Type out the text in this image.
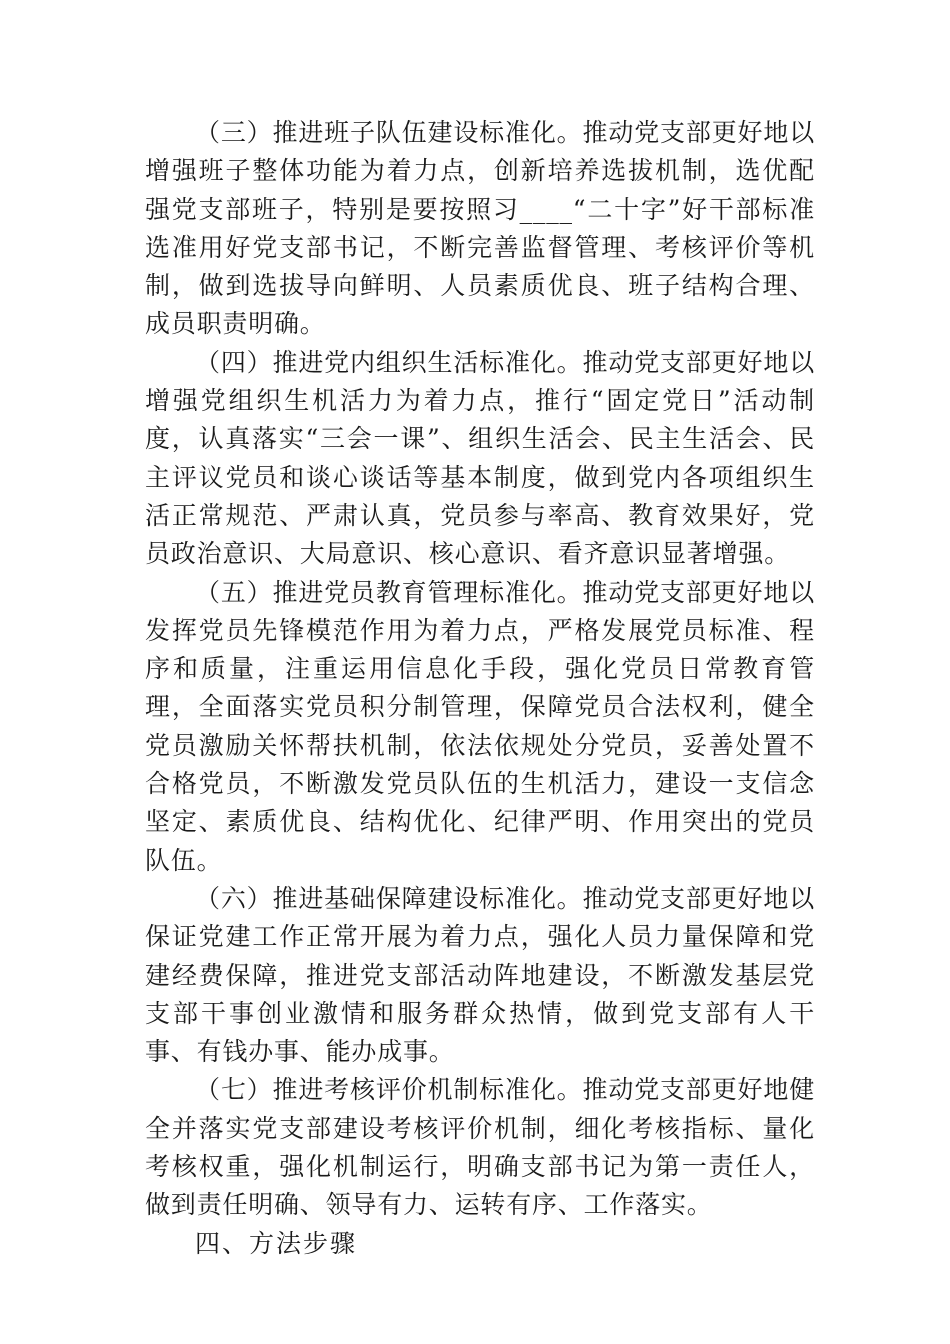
（三）推进班子队伍建设标准化。推动党支部更好地以增强班子整体功能为着力点，创新培养选拔机制，选优配强党支部班子，特别是要按照习____“二十字”好干部标准选准用好党支部书记，不断完善监督管理、考核评价等机制，做到选拔导向鲜明、人员素质优良、班子结构合理、成员职责明确。

（四）推进党内组织生活标准化。推动党支部更好地以增强党组织生机活力为着力点，推行“固定党日”活动制度，认真落实“三会一课”、组织生活会、民主生活会、民主评议党员和谈心谈话等基本制度，做到党内各项组织生活正常规范、严肃认真，党员参与率高、教育效果好，党员政治意识、大局意识、核心意识、看齐意识显著增强。

（五）推进党员教育管理标准化。推动党支部更好地以发挥党员先锋模范作用为着力点，严格发展党员标准、程序和质量，注重运用信息化手段，强化党员日常教育管理，全面落实党员积分制管理，保障党员合法权利，健全党员激励关怀帮扶机制，依法依规处分党员，妥善处置不合格党员，不断激发党员队伍的生机活力，建设一支信念坚定、素质优良、结构优化、纪律严明、作用突出的党员队伍。

（六）推进基础保障建设标准化。推动党支部更好地以保证党建工作正常开展为着力点，强化人员力量保障和党建经费保障，推进党支部活动阵地建设，不断激发基层党支部干事创业激情和服务群众热情，做到党支部有人干事、有钱办事、能办成事。

（七）推进考核评价机制标准化。推动党支部更好地健全并落实党支部建设考核评价机制，细化考核指标、量化考核权重，强化机制运行，明确支部书记为第一责任人，做到责任明确、领导有力、运转有序、工作落实。

四、方法步骤
